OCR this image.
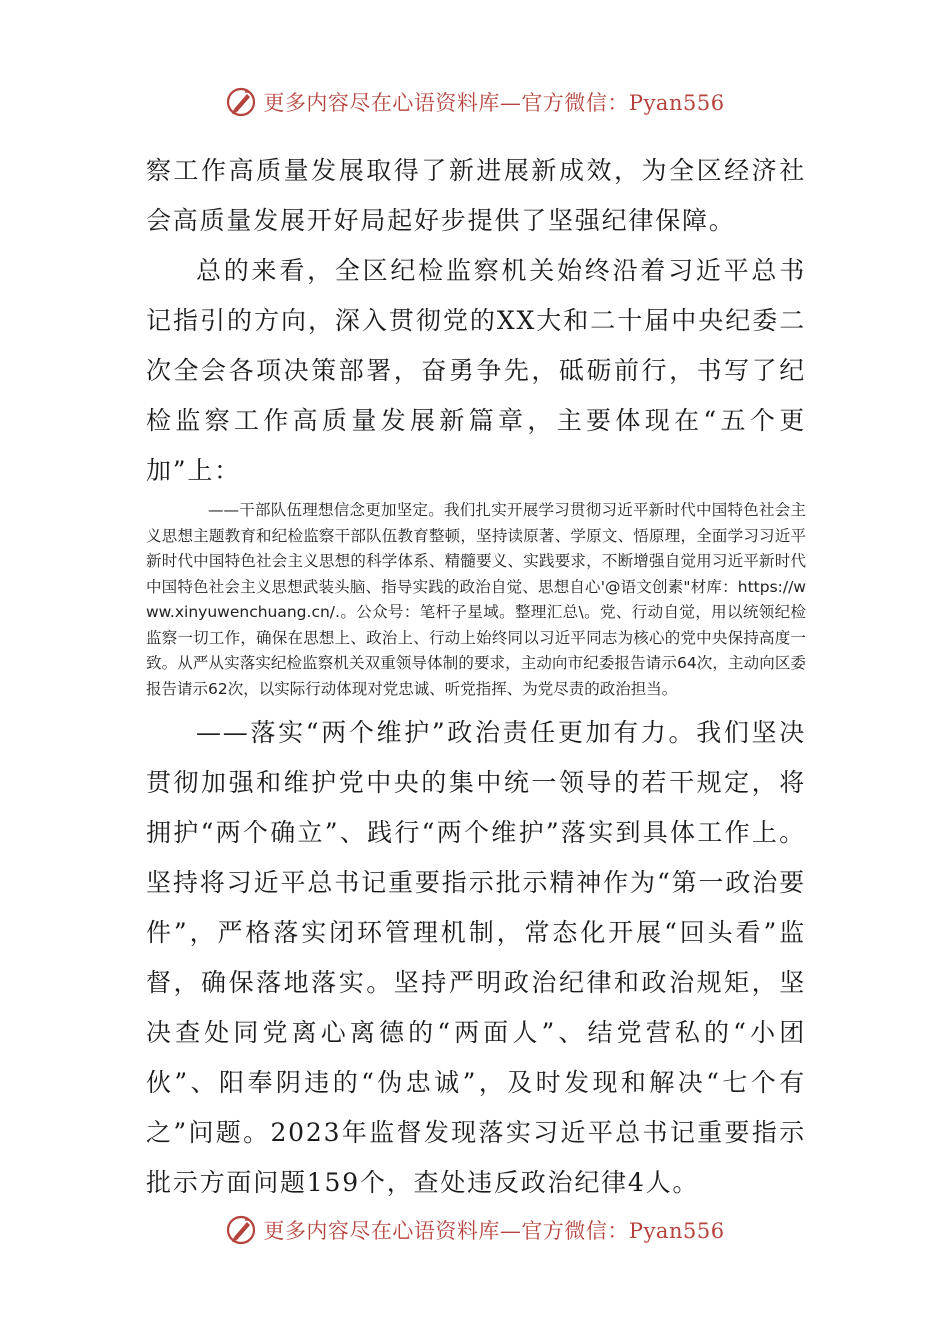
更多内容尽在心语资料库—官方微信：Pyan556

察工作高质量发展取得了新进展新成效，为全区经济社会高质量发展开好局起好步提供了坚强纪律保障。

总的来看，全区纪检监察机关始终沿着习近平总书记指引的方向，深入贯彻党的XX大和二十届中央纪委二次全会各项决策部署，奋勇争先，砥砺前行，书写了纪检监察工作高质量发展新篇章，主要体现在“五个更加”上：

——干部队伍理想信念更加坚定。我们扎实开展学习贯彻习近平新时代中国特色社会主义思想主题教育和纪检监察干部队伍教育整顿，坚持读原著、学原文、悟原理，全面学习习近平新时代中国特色社会主义思想的科学体系、精髓要义、实践要求，不断增强自觉用习近平新时代中国特色社会主义思想武装头脑、指导实践的政治自觉、思想自心'@语文创素"材库：https://www.xinyuwenchuang.cn/.。公众号：笔杆子星域。整理汇总\。党、行动自觉，用以统领纪检监察一切工作，确保在思想上、政治上、行动上始终同以习近平同志为核心的党中央保持高度一致。从严从实落实纪检监察机关双重领导体制的要求，主动向市纪委报告请示64次，主动向区委报告请示62次，以实际行动体现对党忠诚、听党指挥、为党尽责的政治担当。

——落实“两个维护”政治责任更加有力。我们坚决贯彻加强和维护党中央的集中统一领导的若干规定，将拥护“两个确立”、践行“两个维护”落实到具体工作上。坚持将习近平总书记重要指示批示精神作为“第一政治要件”，严格落实闭环管理机制，常态化开展“回头看”监督，确保落地落实。坚持严明政治纪律和政治规矩，坚决查处同党离心离德的“两面人”、结党营私的“小团伙”、阳奉阴违的“伪忠诚”，及时发现和解决“七个有之”问题。2023年监督发现落实习近平总书记重要指示批示方面问题159个，查处违反政治纪律4人。

更多内容尽在心语资料库—官方微信：Pyan556
